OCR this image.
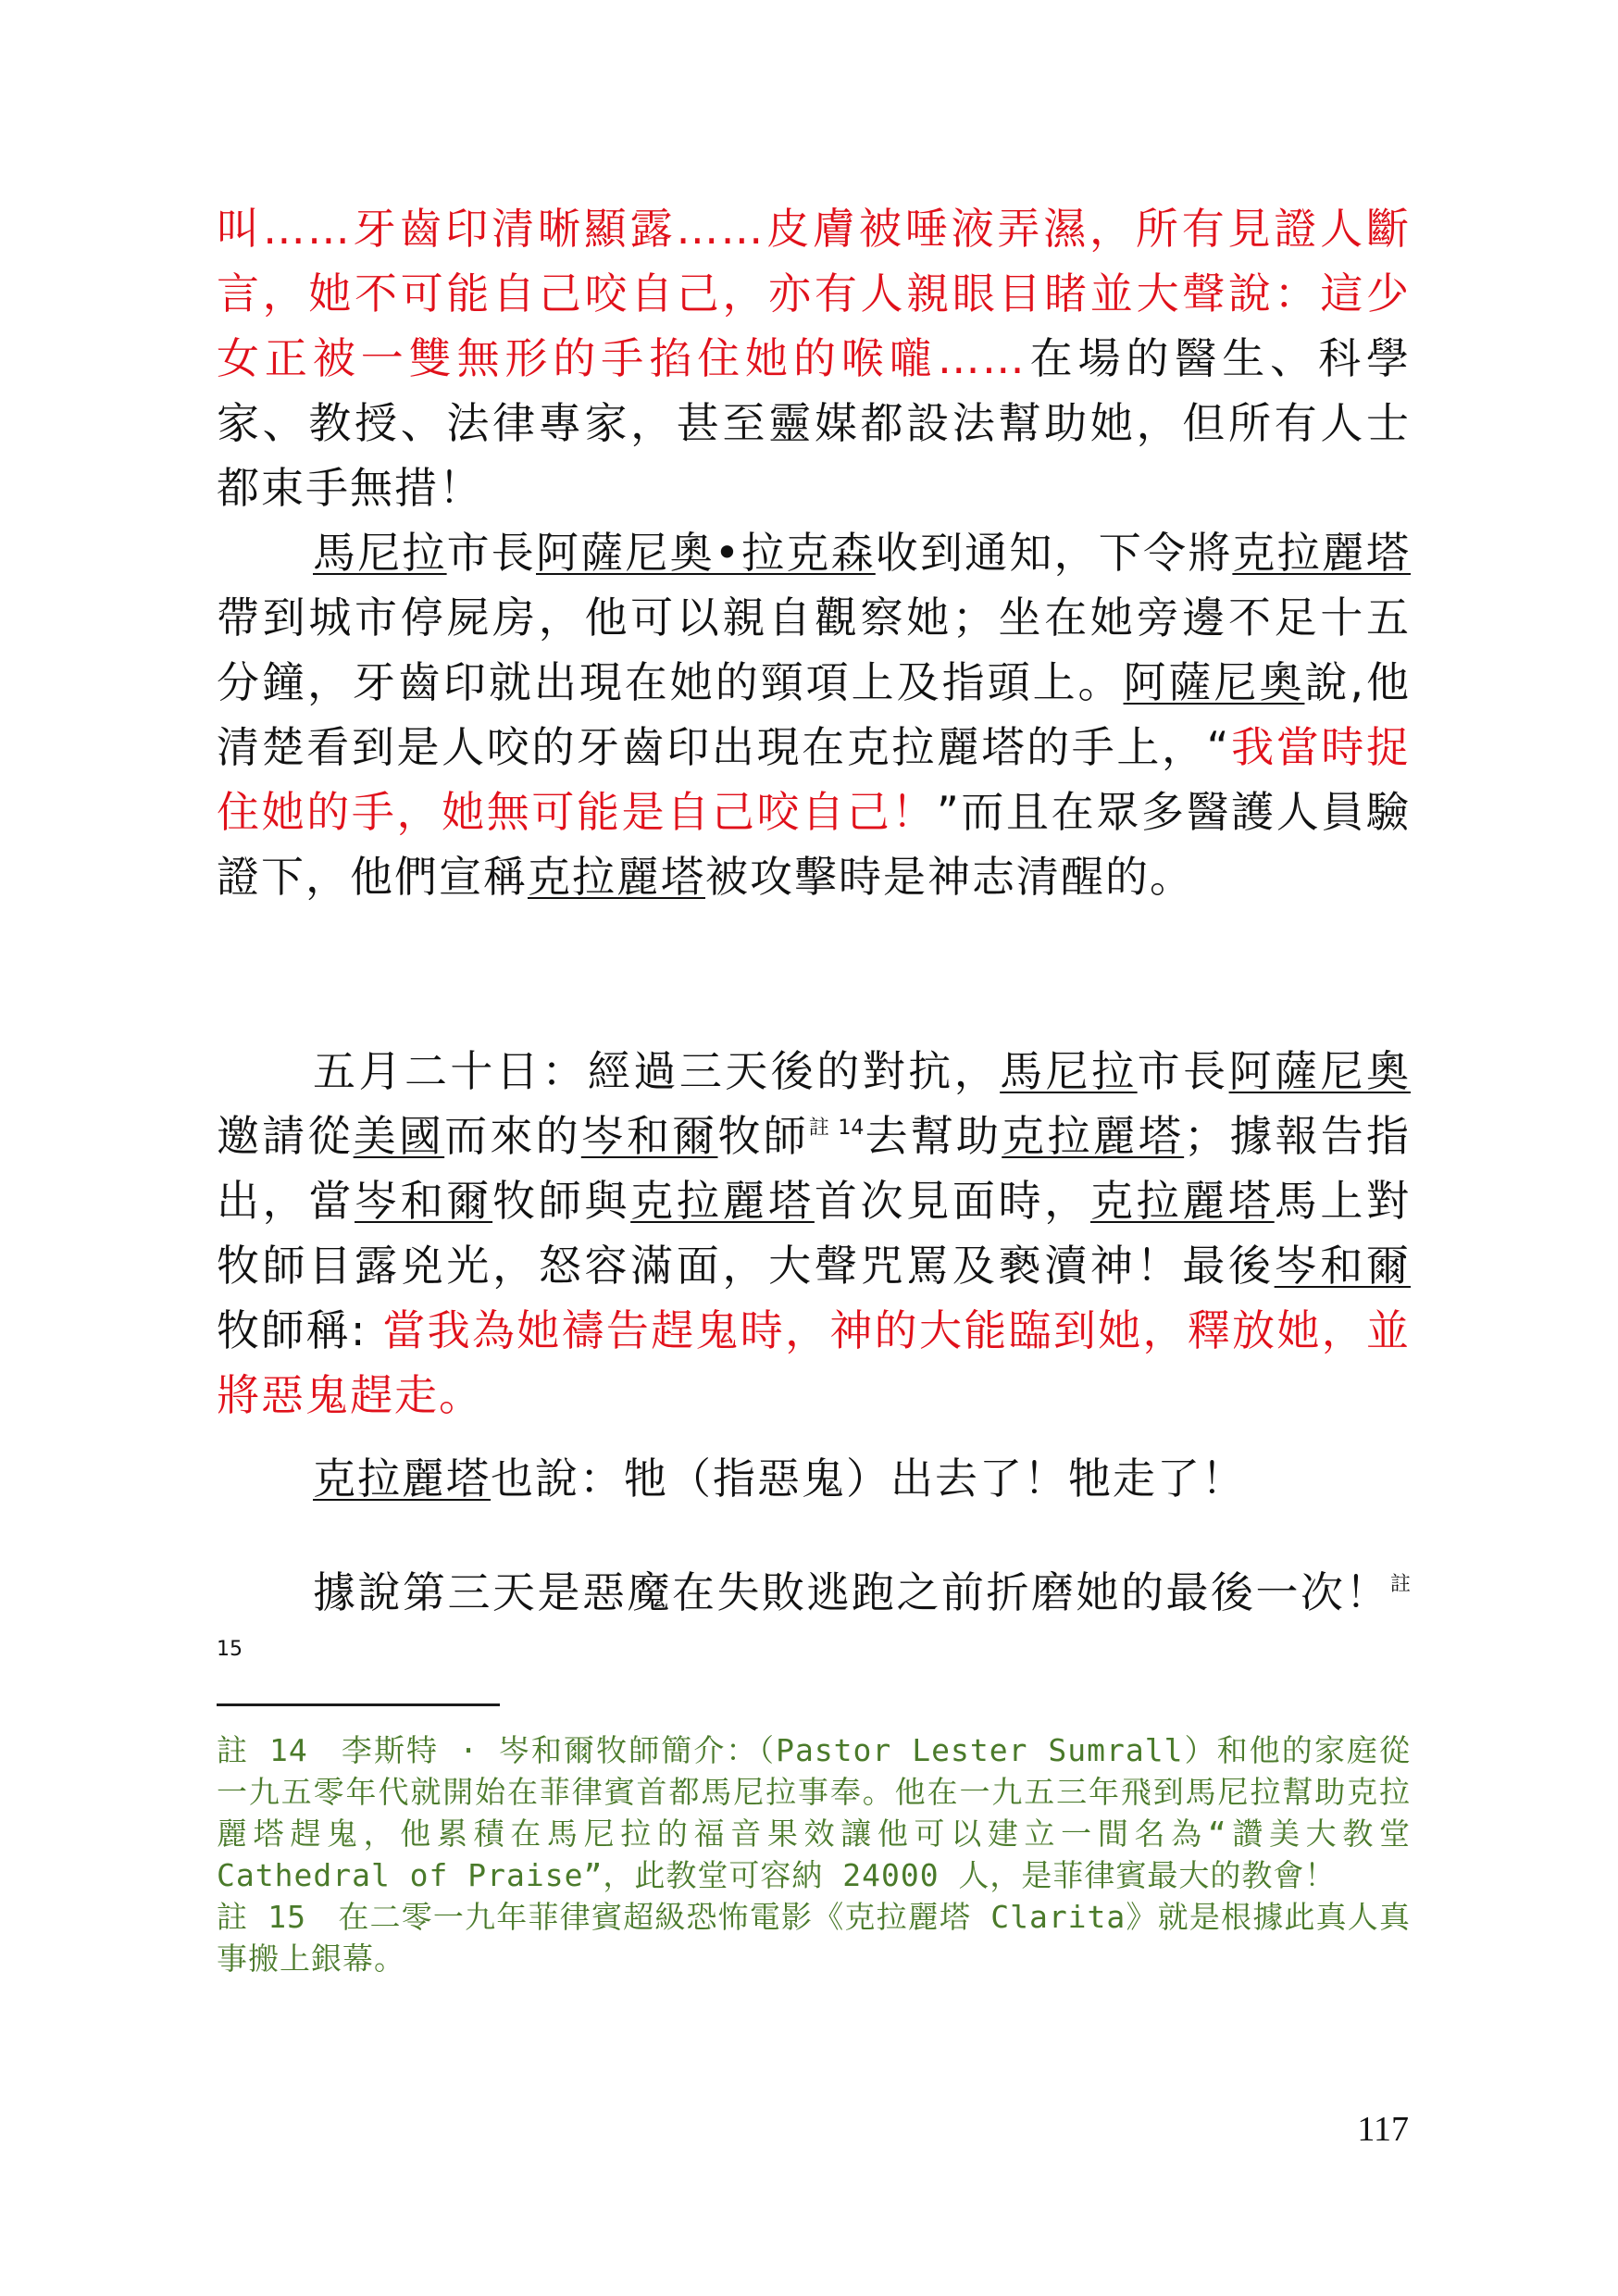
叫……牙齒印清晰顯露……皮膚被唾液弄濕，所有見證人斷言，她不可能自己咬自己，亦有人親眼目睹並大聲說：這少女正被一雙無形的手掐住她的喉嚨……在場的醫生、科學家、教授、法律專家，甚至靈媒都設法幫助她，但所有人士都束手無措！

馬尼拉市長阿薩尼奧•拉克森收到通知，下令將克拉麗塔帶到城市停屍房，他可以親自觀察她；坐在她旁邊不足十五分鐘，牙齒印就出現在她的頸項上及指頭上。阿薩尼奧說,他清楚看到是人咬的牙齒印出現在克拉麗塔的手上，“我當時捉住她的手，她無可能是自己咬自己！”而且在眾多醫護人員驗證下，他們宣稱克拉麗塔被攻擊時是神志清醒的。

五月二十日：經過三天後的對抗，馬尼拉市長阿薩尼奧邀請從美國而來的岑和爾牧師$^{註 14}$去幫助克拉麗塔；據報告指出，當岑和爾牧師與克拉麗塔首次見面時，克拉麗塔馬上對牧師目露兇光，怒容滿面，大聲咒罵及褻瀆神！最後岑和爾牧師稱: 當我為她禱告趕鬼時，神的大能臨到她，釋放她，並將惡鬼趕走。

克拉麗塔也說：牠（指惡鬼）出去了！牠走了！

據說第三天是惡魔在失敗逃跑之前折磨她的最後一次！$^{註 15}$

註 14　李斯特 · 岑和爾牧師簡介：（Pastor Lester Sumrall）和他的家庭從一九五零年代就開始在菲律賓首都馬尼拉事奉。他在一九五三年飛到馬尼拉幫助克拉麗塔趕鬼，他累積在馬尼拉的福音果效讓他可以建立一間名為“讚美大教堂 Cathedral of Praise”，此教堂可容納 24000 人，是菲律賓最大的教會！

註 15　在二零一九年菲律賓超級恐怖電影《克拉麗塔 Clarita》就是根據此真人真事搬上銀幕。

117
